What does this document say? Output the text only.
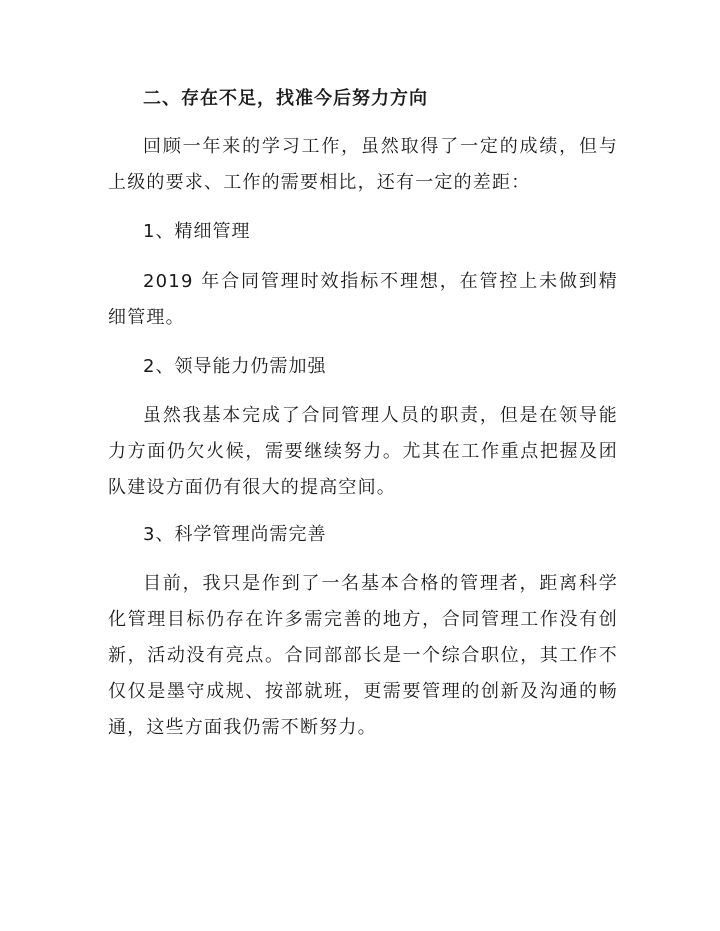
二、存在不足，找准今后努力方向
回顾一年来的学习工作，虽然取得了一定的成绩，但与上级的要求、工作的需要相比，还有一定的差距：
1、精细管理
2019 年合同管理时效指标不理想，在管控上未做到精细管理。
2、领导能力仍需加强
虽然我基本完成了合同管理人员的职责，但是在领导能力方面仍欠火候，需要继续努力。尤其在工作重点把握及团队建设方面仍有很大的提高空间。
3、科学管理尚需完善
目前，我只是作到了一名基本合格的管理者，距离科学化管理目标仍存在许多需完善的地方，合同管理工作没有创新，活动没有亮点。合同部部长是一个综合职位，其工作不仅仅是墨守成规、按部就班，更需要管理的创新及沟通的畅通，这些方面我仍需不断努力。
